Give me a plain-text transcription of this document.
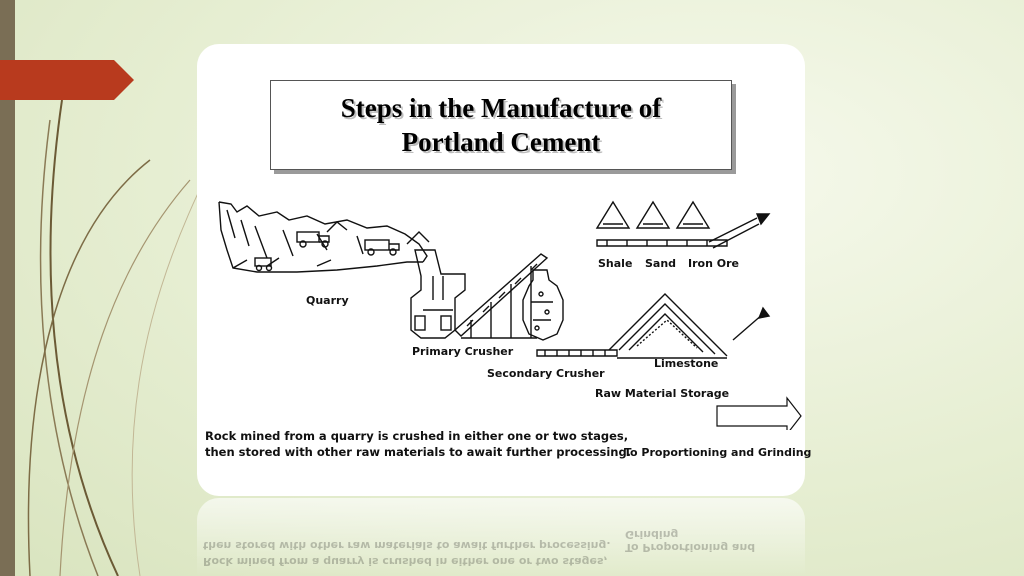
Rock mined from a quarry is crushed in either one or two stages,
then stored with other raw materials to await further processing. To Proportioning and Grinding
Steps in the Manufacture of
Portland Cement
Quarry
Primary Crusher
Secondary Crusher
Shale Sand Iron Ore
Limestone
Raw Material Storage
To Proportioning and Grinding
Rock mined from a quarry is crushed in either one or two stages,
then stored with other raw materials to await further processing.
